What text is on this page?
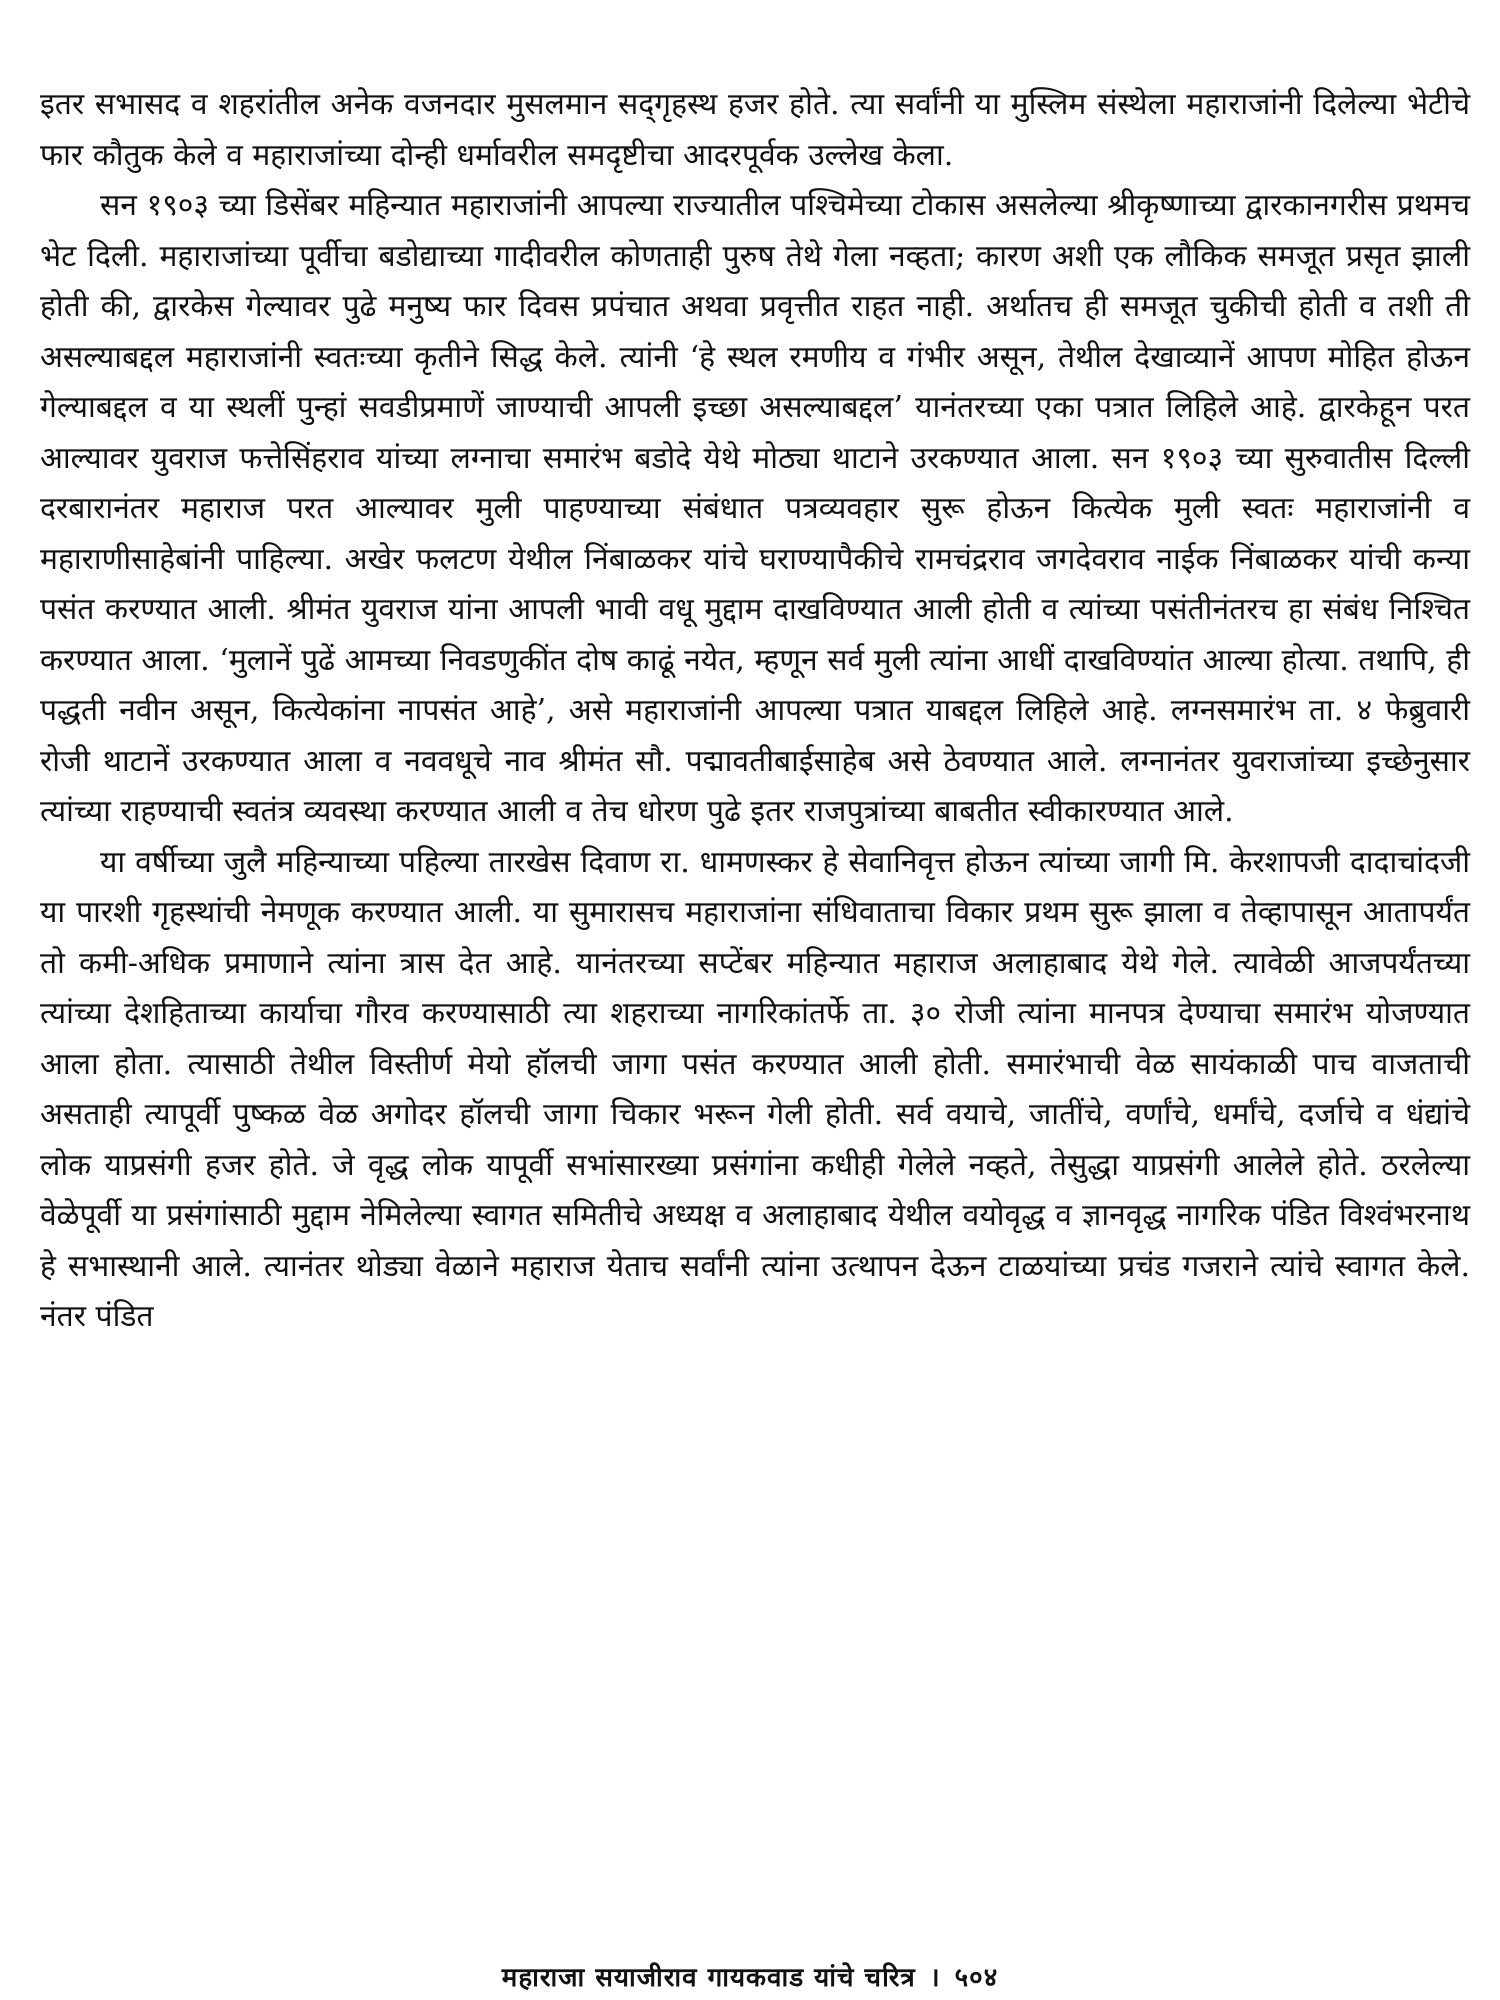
इतर सभासद व शहरांतील अनेक वजनदार मुसलमान सद्‌गृहस्थ हजर होते. त्या सर्वांनी या मुस्लिम संस्थेला महाराजांनी दिलेल्या भेटीचे फार कौतुक केले व महाराजांच्या दोन्ही धर्मावरील समदृष्टीचा आदरपूर्वक उल्लेख केला.

सन १९०३ च्या डिसेंबर महिन्यात महाराजांनी आपल्या राज्यातील पश्चिमेच्या टोकास असलेल्या श्रीकृष्णाच्या द्वारकानगरीस प्रथमच भेट दिली. महाराजांच्या पूर्वीचा बडोद्याच्या गादीवरील कोणताही पुरुष तेथे गेला नव्हता; कारण अशी एक लौकिक समजूत प्रसृत झाली होती की, द्वारकेस गेल्यावर पुढे मनुष्य फार दिवस प्रपंचात अथवा प्रवृत्तीत राहत नाही. अर्थातच ही समजूत चुकीची होती व तशी ती असल्याबद्दल महाराजांनी स्वतःच्या कृतीने सिद्ध केले. त्यांनी ‘हे स्थल रमणीय व गंभीर असून, तेथील देखाव्यानें आपण मोहित होऊन गेल्याबद्दल व या स्थलीं पुन्हां सवडीप्रमाणें जाण्याची आपली इच्छा असल्याबद्दल’ यानंतरच्या एका पत्रात लिहिले आहे. द्वारकेहून परत आल्यावर युवराज फत्तेसिंहराव यांच्या लग्नाचा समारंभ बडोदे येथे मोठ्या थाटाने उरकण्यात आला. सन १९०३ च्या सुरुवातीस दिल्ली दरबारानंतर महाराज परत आल्यावर मुली पाहण्याच्या संबंधात पत्रव्यवहार सुरू होऊन कित्येक मुली स्वतः महाराजांनी व महाराणीसाहेबांनी पाहिल्या. अखेर फलटण येथील निंबाळकर यांचे घराण्यापैकीचे रामचंद्रराव जगदेवराव नाईक निंबाळकर यांची कन्या पसंत करण्यात आली. श्रीमंत युवराज यांना आपली भावी वधू मुद्दाम दाखविण्यात आली होती व त्यांच्या पसंतीनंतरच हा संबंध निश्चित करण्यात आला. ‘मुलानें पुढें आमच्या निवडणुकींत दोष काढूं नयेत, म्हणून सर्व मुली त्यांना आधीं दाखविण्यांत आल्या होत्या. तथापि, ही पद्धती नवीन असून, कित्येकांना नापसंत आहे’, असे महाराजांनी आपल्या पत्रात याबद्दल लिहिले आहे. लग्नसमारंभ ता. ४ फेब्रुवारी रोजी थाटानें उरकण्यात आला व नववधूचे नाव श्रीमंत सौ. पद्मावतीबाईसाहेब असे ठेवण्यात आले. लग्नानंतर युवराजांच्या इच्छेनुसार त्यांच्या राहण्याची स्वतंत्र व्यवस्था करण्यात आली व तेच धोरण पुढे इतर राजपुत्रांच्या बाबतीत स्वीकारण्यात आले.

या वर्षीच्या जुलै महिन्याच्या पहिल्या तारखेस दिवाण रा. धामणस्कर हे सेवानिवृत्त होऊन त्यांच्या जागी मि. केरशापजी दादाचांदजी या पारशी गृहस्थांची नेमणूक करण्यात आली. या सुमारासच महाराजांना संधिवाताचा विकार प्रथम सुरू झाला व तेव्हापासून आतापर्यंत तो कमी-अधिक प्रमाणाने त्यांना त्रास देत आहे. यानंतरच्या सप्टेंबर महिन्यात महाराज अलाहाबाद येथे गेले. त्यावेळी आजपर्यंतच्या त्यांच्या देशहिताच्या कार्याचा गौरव करण्यासाठी त्या शहराच्या नागरिकांतर्फे ता. ३० रोजी त्यांना मानपत्र देण्याचा समारंभ योजण्यात आला होता. त्यासाठी तेथील विस्तीर्ण मेयो हॉलची जागा पसंत करण्यात आली होती. समारंभाची वेळ सायंकाळी पाच वाजताची असताही त्यापूर्वी पुष्कळ वेळ अगोदर हॉलची जागा चिकार भरून गेली होती. सर्व वयाचे, जातींचे, वर्णांचे, धर्मांचे, दर्जाचे व धंद्यांचे लोक याप्रसंगी हजर होते. जे वृद्ध लोक यापूर्वी सभांसारख्या प्रसंगांना कधीही गेलेले नव्हते, तेसुद्धा याप्रसंगी आलेले होते. ठरलेल्या वेळेपूर्वी या प्रसंगांसाठी मुद्दाम नेमिलेल्या स्वागत समितीचे अध्यक्ष व अलाहाबाद येथील वयोवृद्ध व ज्ञानवृद्ध नागरिक पंडित विश्वंभरनाथ हे सभास्थानी आले. त्यानंतर थोड्या वेळाने महाराज येताच सर्वांनी त्यांना उत्थापन देऊन टाळयांच्या प्रचंड गजराने त्यांचे स्वागत केले. नंतर पंडित

महाराजा सयाजीराव गायकवाड यांचे चरित्र । ५०४
